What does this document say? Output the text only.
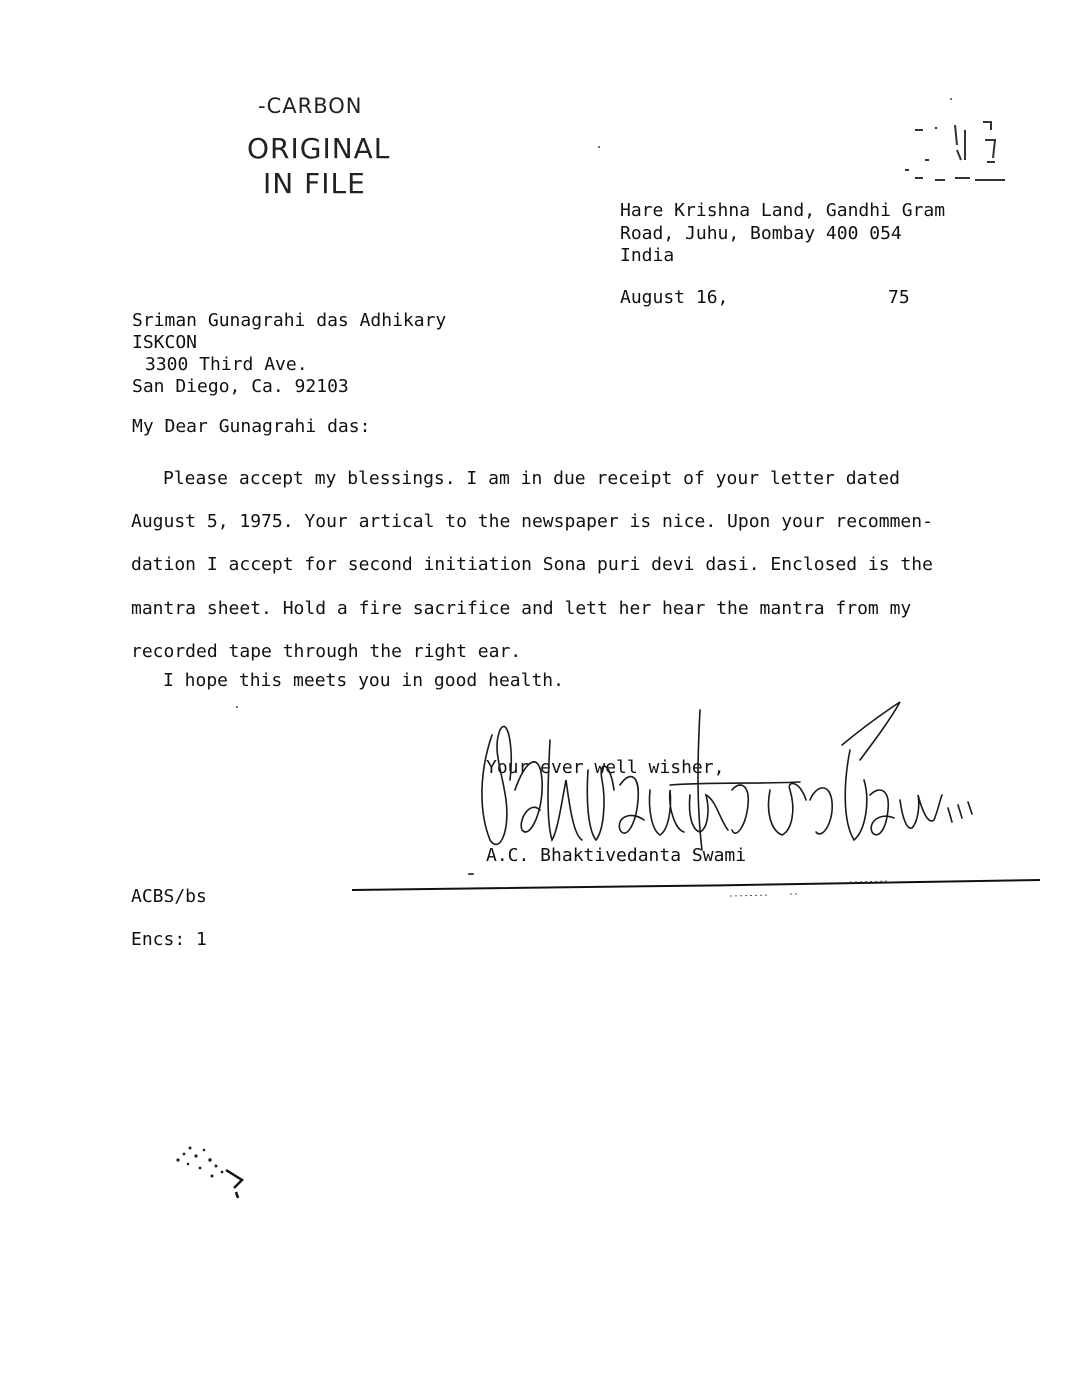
-CARBON
ORIGINAL
IN FILE
Hare Krishna Land, Gandhi Gram
Road, Juhu, Bombay 400 054
India
August 16,	75
Sriman Gunagrahi das Adhikary
ISKCON
3300 Third Ave.
San Diego, Ca. 92103
My Dear Gunagrahi das:

Please accept my blessings. I am in due receipt of your letter dated

August 5, 1975. Your artical to the newspaper is nice. Upon your recommen-

dation I accept for second initiation Sona puri devi dasi. Enclosed is the

mantra sheet. Hold a fire sacrifice and lett her hear the mantra from my

recorded tape through the right ear.

I hope this meets you in good health.
Your ever well wisher,
A.C. Bhaktivedanta Swami
ACBS/bs
Encs: 1
